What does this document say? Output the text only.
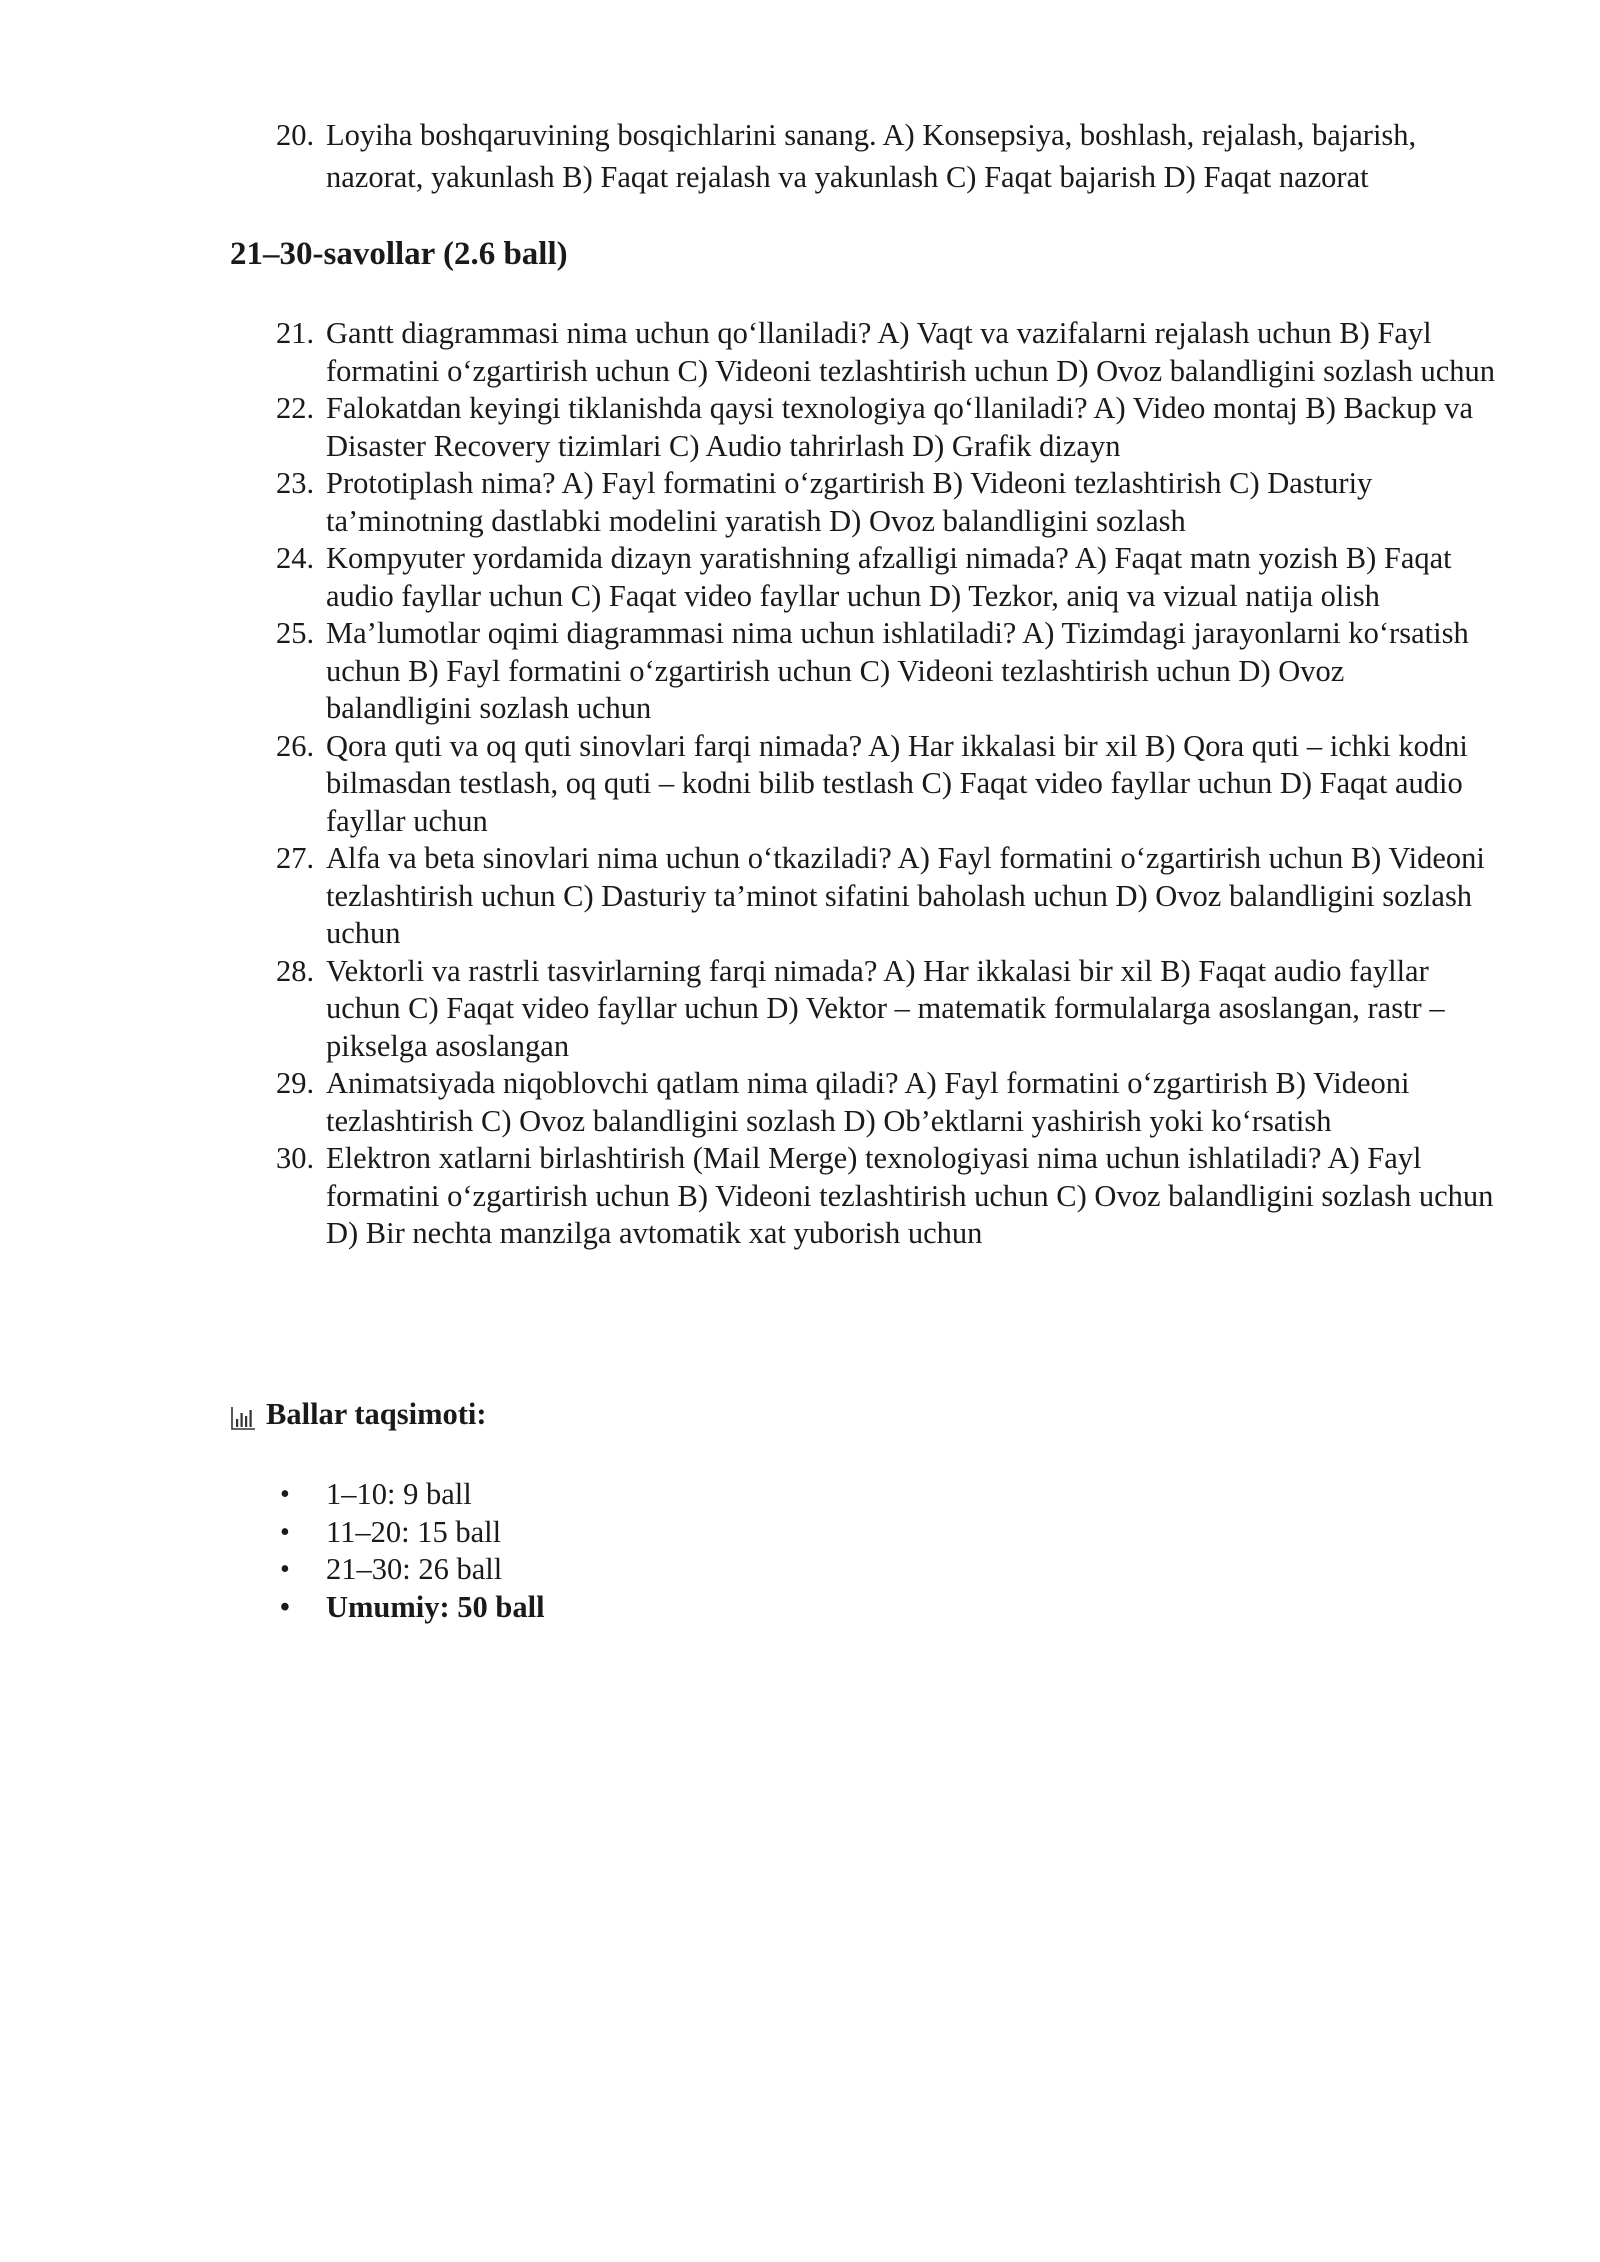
20. Loyiha boshqaruvining bosqichlarini sanang. A) Konsepsiya, boshlash, rejalash, bajarish, nazorat, yakunlash B) Faqat rejalash va yakunlash C) Faqat bajarish D) Faqat nazorat
21–30-savollar (2.6 ball)
21. Gantt diagrammasi nima uchun qo‘llaniladi? A) Vaqt va vazifalarni rejalash uchun B) Fayl formatini o‘zgartirish uchun C) Videoni tezlashtirish uchun D) Ovoz balandligini sozlash uchun
22. Falokatdan keyingi tiklanishda qaysi texnologiya qo‘llaniladi? A) Video montaj B) Backup va Disaster Recovery tizimlari C) Audio tahrirlash D) Grafik dizayn
23. Prototiplash nima? A) Fayl formatini o‘zgartirish B) Videoni tezlashtirish C) Dasturiy ta’minotning dastlabki modelini yaratish D) Ovoz balandligini sozlash
24. Kompyuter yordamida dizayn yaratishning afzalligi nimada? A) Faqat matn yozish B) Faqat audio fayllar uchun C) Faqat video fayllar uchun D) Tezkor, aniq va vizual natija olish
25. Ma’lumotlar oqimi diagrammasi nima uchun ishlatiladi? A) Tizimdagi jarayonlarni ko‘rsatish uchun B) Fayl formatini o‘zgartirish uchun C) Videoni tezlashtirish uchun D) Ovoz balandligini sozlash uchun
26. Qora quti va oq quti sinovlari farqi nimada? A) Har ikkalasi bir xil B) Qora quti – ichki kodni bilmasdan testlash, oq quti – kodni bilib testlash C) Faqat video fayllar uchun D) Faqat audio fayllar uchun
27. Alfa va beta sinovlari nima uchun o‘tkaziladi? A) Fayl formatini o‘zgartirish uchun B) Videoni tezlashtirish uchun C) Dasturiy ta’minot sifatini baholash uchun D) Ovoz balandligini sozlash uchun
28. Vektorli va rastrli tasvirlarning farqi nimada? A) Har ikkalasi bir xil B) Faqat audio fayllar uchun C) Faqat video fayllar uchun D) Vektor – matematik formulalarga asoslangan, rastr – pikselga asoslangan
29. Animatsiyada niqoblovchi qatlam nima qiladi? A) Fayl formatini o‘zgartirish B) Videoni tezlashtirish C) Ovoz balandligini sozlash D) Ob’ektlarni yashirish yoki ko‘rsatish
30. Elektron xatlarni birlashtirish (Mail Merge) texnologiyasi nima uchun ishlatiladi? A) Fayl formatini o‘zgartirish uchun B) Videoni tezlashtirish uchun C) Ovoz balandligini sozlash uchun D) Bir nechta manzilga avtomatik xat yuborish uchun
Ballar taqsimoti:
• 1–10: 9 ball
• 11–20: 15 ball
• 21–30: 26 ball
• Umumiy: 50 ball
